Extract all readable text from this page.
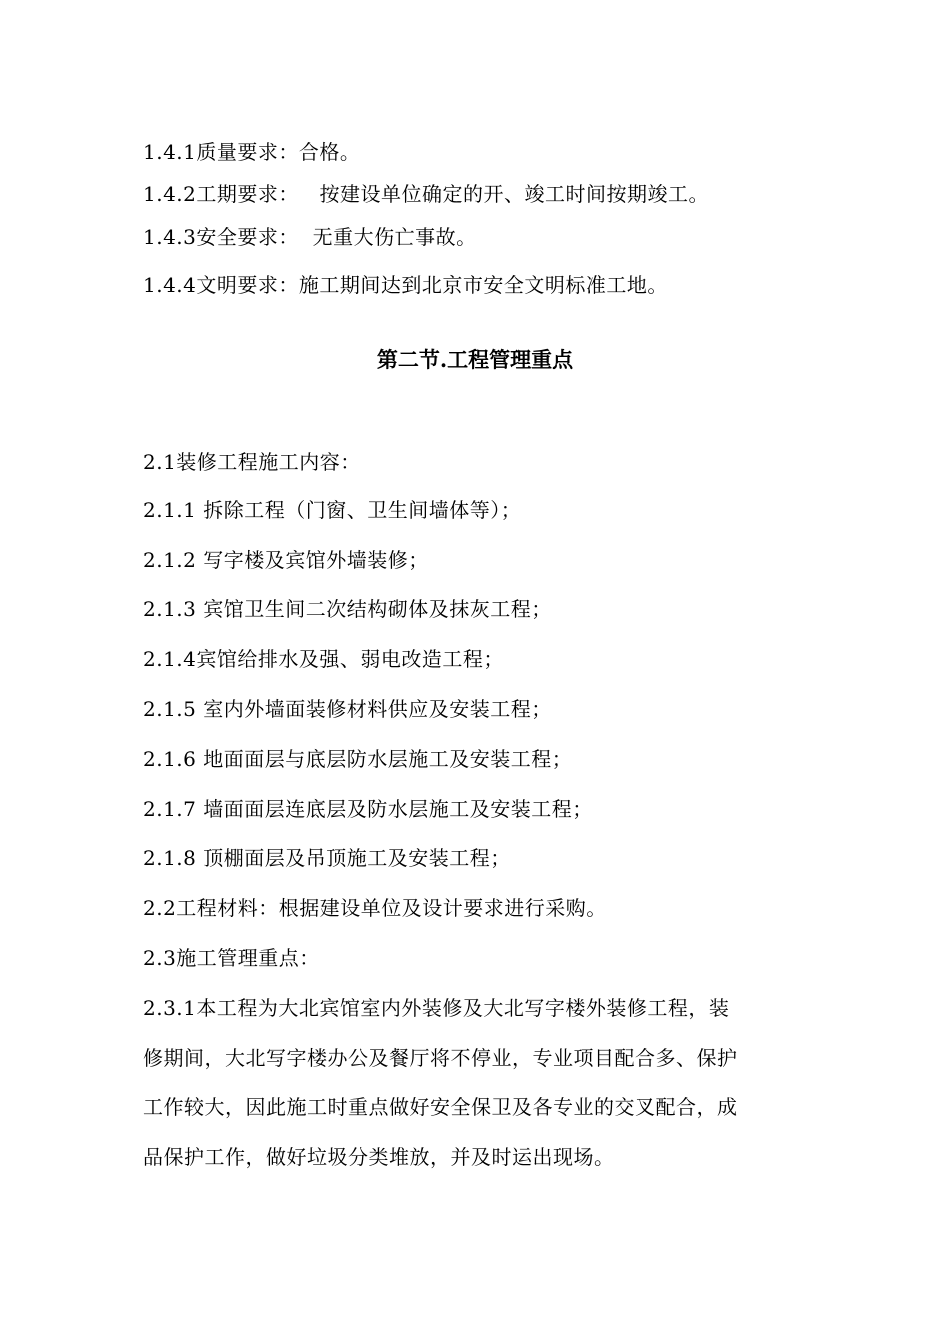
1.4.1质量要求：合格。
1.4.2工期要求：   按建设单位确定的开、竣工时间按期竣工。
1.4.3安全要求：  无重大伤亡事故。
1.4.4文明要求：施工期间达到北京市安全文明标准工地。
第二节.工程管理重点
2.1装修工程施工内容：
2.1.1 拆除工程（门窗、卫生间墙体等）；
2.1.2 写字楼及宾馆外墙装修；
2.1.3 宾馆卫生间二次结构砌体及抹灰工程；
2.1.4宾馆给排水及强、弱电改造工程；
2.1.5 室内外墙面装修材料供应及安装工程；
2.1.6 地面面层与底层防水层施工及安装工程；
2.1.7 墙面面层连底层及防水层施工及安装工程；
2.1.8 顶棚面层及吊顶施工及安装工程；
2.2工程材料：根据建设单位及设计要求进行采购。
2.3施工管理重点：
2.3.1本工程为大北宾馆室内外装修及大北写字楼外装修工程，装
修期间，大北写字楼办公及餐厅将不停业，专业项目配合多、保护
工作较大，因此施工时重点做好安全保卫及各专业的交叉配合，成
品保护工作，做好垃圾分类堆放，并及时运出现场。
